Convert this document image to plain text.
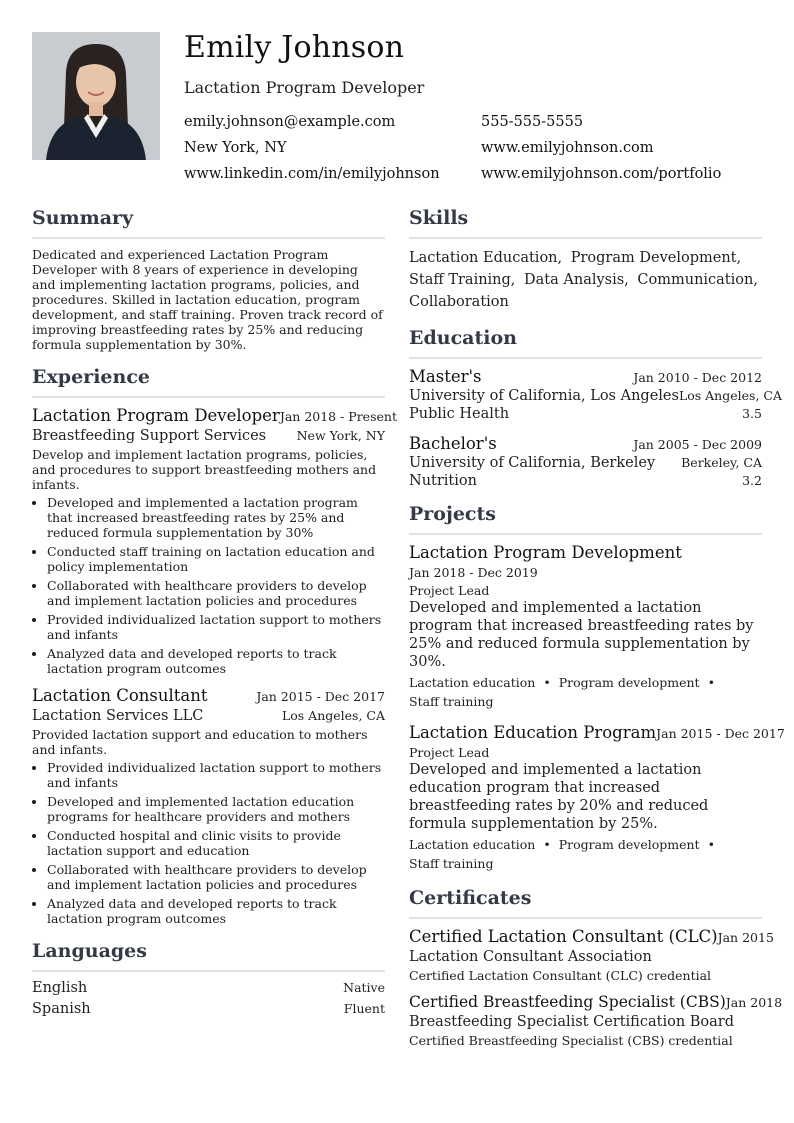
Emily Johnson
Lactation Program Developer
emily.johnson@example.com	555-555-5555
New York, NY	www.emilyjohnson.com
www.linkedin.com/in/emilyjohnson	www.emilyjohnson.com/portfolio
Summary

Dedicated and experienced Lactation Program Developer with 8 years of experience in developing and implementing lactation programs, policies, and procedures. Skilled in lactation education, program development, and staff training. Proven track record of improving breastfeeding rates by 25% and reducing formula supplementation by 30%.

Experience
Lactation Program Developer Jan 2018 - Present
Breastfeeding Support Services New York, NY

Develop and implement lactation programs, policies, and procedures to support breastfeeding mothers and infants.

• Developed and implemented a lactation program that increased breastfeeding rates by 25% and reduced formula supplementation by 30%
• Conducted staff training on lactation education and policy implementation
• Collaborated with healthcare providers to develop and implement lactation policies and procedures
• Provided individualized lactation support to mothers and infants
• Analyzed data and developed reports to track lactation program outcomes
Lactation Consultant	Jan 2015 - Dec 2017
Lactation Services LLC	Los Angeles, CA

Provided lactation support and education to mothers and infants.

• Provided individualized lactation support to mothers and infants
• Developed and implemented lactation education programs for healthcare providers and mothers
• Conducted hospital and clinic visits to provide lactation support and education
• Collaborated with healthcare providers to develop and implement lactation policies and procedures
• Analyzed data and developed reports to track lactation program outcomes
Languages
English	Native
Spanish	Fluent
Skills
Lactation Education, Program Development, Staff Training, Data Analysis, Communication, Collaboration
Education
Master's	Jan 2010 - Dec 2012
University of California, Los Angeles Los Angeles, CA
Public Health	3.5
Bachelor's	Jan 2005 - Dec 2009
University of California, Berkeley Berkeley, CA
Nutrition	3.2
Projects
Lactation Program Development
Jan 2018 - Dec 2019
Project Lead
Developed and implemented a lactation program that increased breastfeeding rates by 25% and reduced formula supplementation by 30%.
Lactation education • Program development •
Staff training
Lactation Education Program Jan 2015 - Dec 2017
Project Lead
Developed and implemented a lactation education program that increased breastfeeding rates by 20% and reduced formula supplementation by 25%.
Lactation education • Program development •
Staff training
Certificates
Certified Lactation Consultant (CLC) Jan 2015
Lactation Consultant Association
Certified Lactation Consultant (CLC) credential
Certified Breastfeeding Specialist (CBS) Jan 2018
Breastfeeding Specialist Certification Board
Certified Breastfeeding Specialist (CBS) credential
